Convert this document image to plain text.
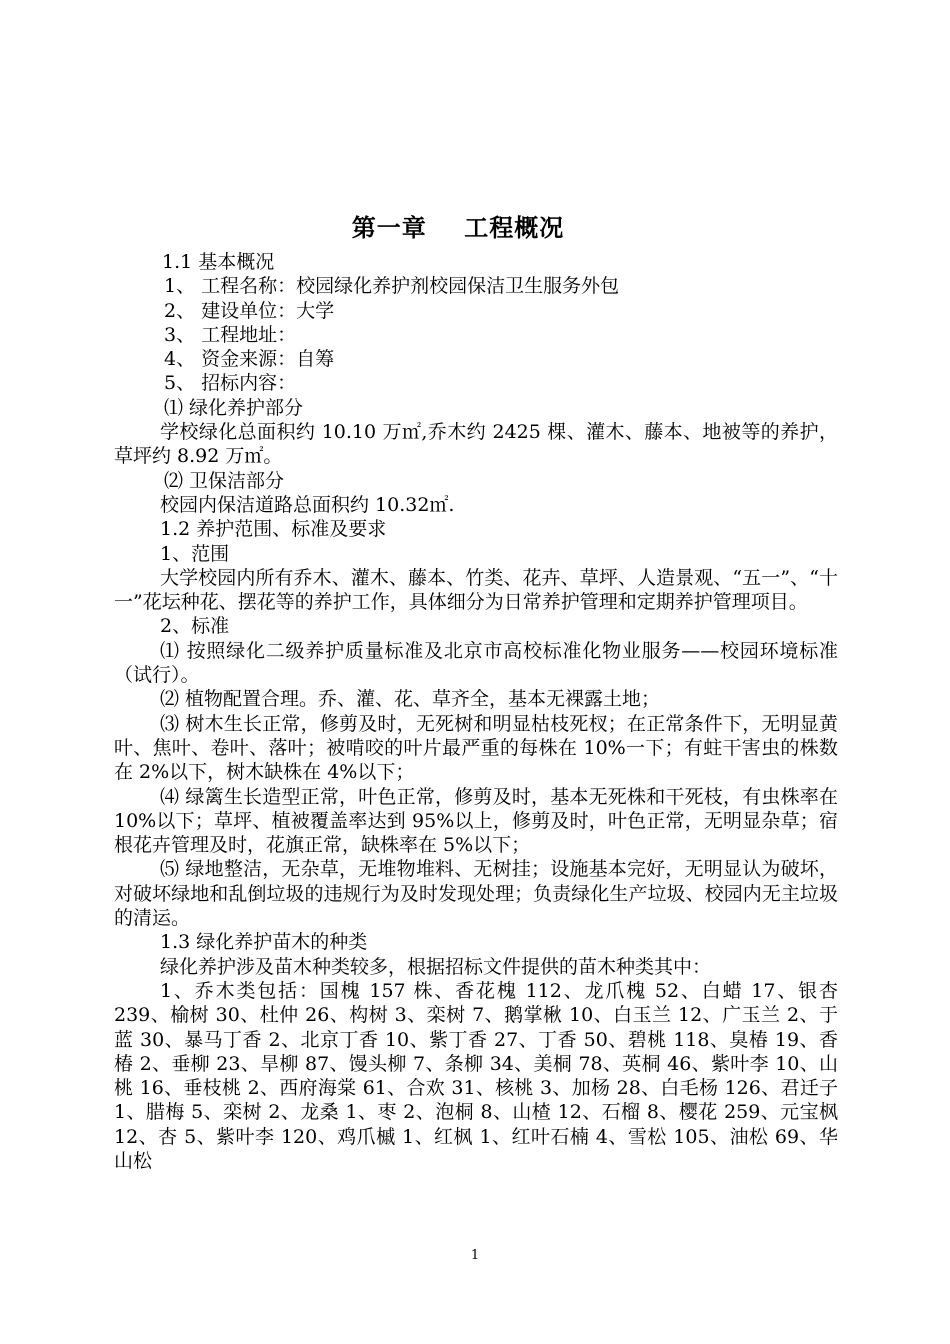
第一章    工程概况

1.1 基本概况

1、 工程名称：校园绿化养护剂校园保洁卫生服务外包

2、 建设单位：大学

3、 工程地址：

4、 资金来源：自筹

5、 招标内容：

⑴ 绿化养护部分

学校绿化总面积约 10.10 万㎡,乔木约 2425 棵、灌木、藤本、地被等的养护，草坪约 8.92 万㎡。

⑵ 卫保洁部分

校园内保洁道路总面积约 10.32㎡.

1.2 养护范围、标准及要求

1、范围

大学校园内所有乔木、灌木、藤本、竹类、花卉、草坪、人造景观、“五一”、“十一”花坛种花、摆花等的养护工作，具体细分为日常养护管理和定期养护管理项目。

2、标准

⑴ 按照绿化二级养护质量标准及北京市高校标准化物业服务——校园环境标准（试行）。

⑵ 植物配置合理。乔、灌、花、草齐全，基本无裸露土地；

⑶ 树木生长正常，修剪及时，无死树和明显枯枝死杈；在正常条件下，无明显黄叶、焦叶、卷叶、落叶；被啃咬的叶片最严重的每株在 10%一下；有蛀干害虫的株数在 2%以下，树木缺株在 4%以下；

⑷ 绿篱生长造型正常，叶色正常，修剪及时，基本无死株和干死枝，有虫株率在 10%以下；草坪、植被覆盖率达到 95%以上，修剪及时，叶色正常，无明显杂草；宿根花卉管理及时，花旗正常，缺株率在 5%以下；

⑸ 绿地整洁，无杂草，无堆物堆料、无树挂；设施基本完好，无明显认为破坏，对破坏绿地和乱倒垃圾的违规行为及时发现处理；负责绿化生产垃圾、校园内无主垃圾的清运。

1.3 绿化养护苗木的种类

绿化养护涉及苗木种类较多，根据招标文件提供的苗木种类其中：

1、乔木类包括：国槐 157 株、香花槐 112、龙爪槐 52、白蜡 17、银杏 239、榆树 30、杜仲 26、构树 3、栾树 7、鹅掌楸 10、白玉兰 12、广玉兰 2、于蓝 30、暴马丁香 2、北京丁香 10、紫丁香 27、丁香 50、碧桃 118、臭椿 19、香椿 2、垂柳 23、旱柳 87、馒头柳 7、条柳 34、美桐 78、英桐 46、紫叶李 10、山桃 16、垂枝桃 2、西府海棠 61、合欢 31、核桃 3、加杨 28、白毛杨 126、君迁子 1、腊梅 5、栾树 2、龙桑 1、枣 2、泡桐 8、山楂 12、石榴 8、樱花 259、元宝枫 12、杏 5、紫叶李 120、鸡爪槭 1、红枫 1、红叶石楠 4、雪松 105、油松 69、华山松

1
